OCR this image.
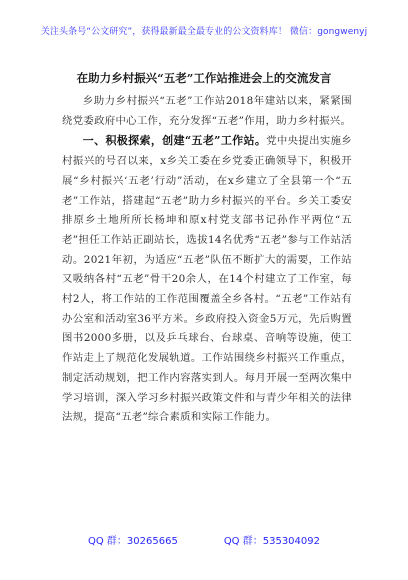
关注头条号“公文研究”，获得最新最全最专业的公文资料库！ 微信：gongwenyj
在助力乡村振兴“五老”工作站推进会上的交流发言

乡助力乡村振兴“五老”工作站2018年建站以来，紧紧围绕党委政府中心工作，充分发挥“五老”作用，助力乡村振兴。

一、积极探索，创建“五老”工作站。党中央提出实施乡村振兴的号召以来，x乡关工委在乡党委正确领导下，积极开展“乡村振兴‘五老’行动”活动，在x乡建立了全县第一个“五老”工作站，搭建起“五老”助力乡村振兴的平台。乡关工委安排原乡土地所所长杨坤和原x村党支部书记孙作平两位“五老”担任工作站正副站长，选拔14名优秀“五老”参与工作站活动。2021年初，为适应“五老”队伍不断扩大的需要，工作站又吸纳各村“五老”骨干20余人，在14个村建立了工作室，每村2人，将工作站的工作范围覆盖全乡各村。“五老”工作站有办公室和活动室36平方米。乡政府投入资金5万元，先后购置图书2000多册，以及乒乓球台、台球桌、音响等设施，使工作站走上了规范化发展轨道。工作站围绕乡村振兴工作重点，制定活动规划，把工作内容落实到人。每月开展一至两次集中学习培训，深入学习乡村振兴政策文件和与青少年相关的法律法规，提高“五老”综合素质和实际工作能力。

QQ 群：30265665	QQ 群：535304092
